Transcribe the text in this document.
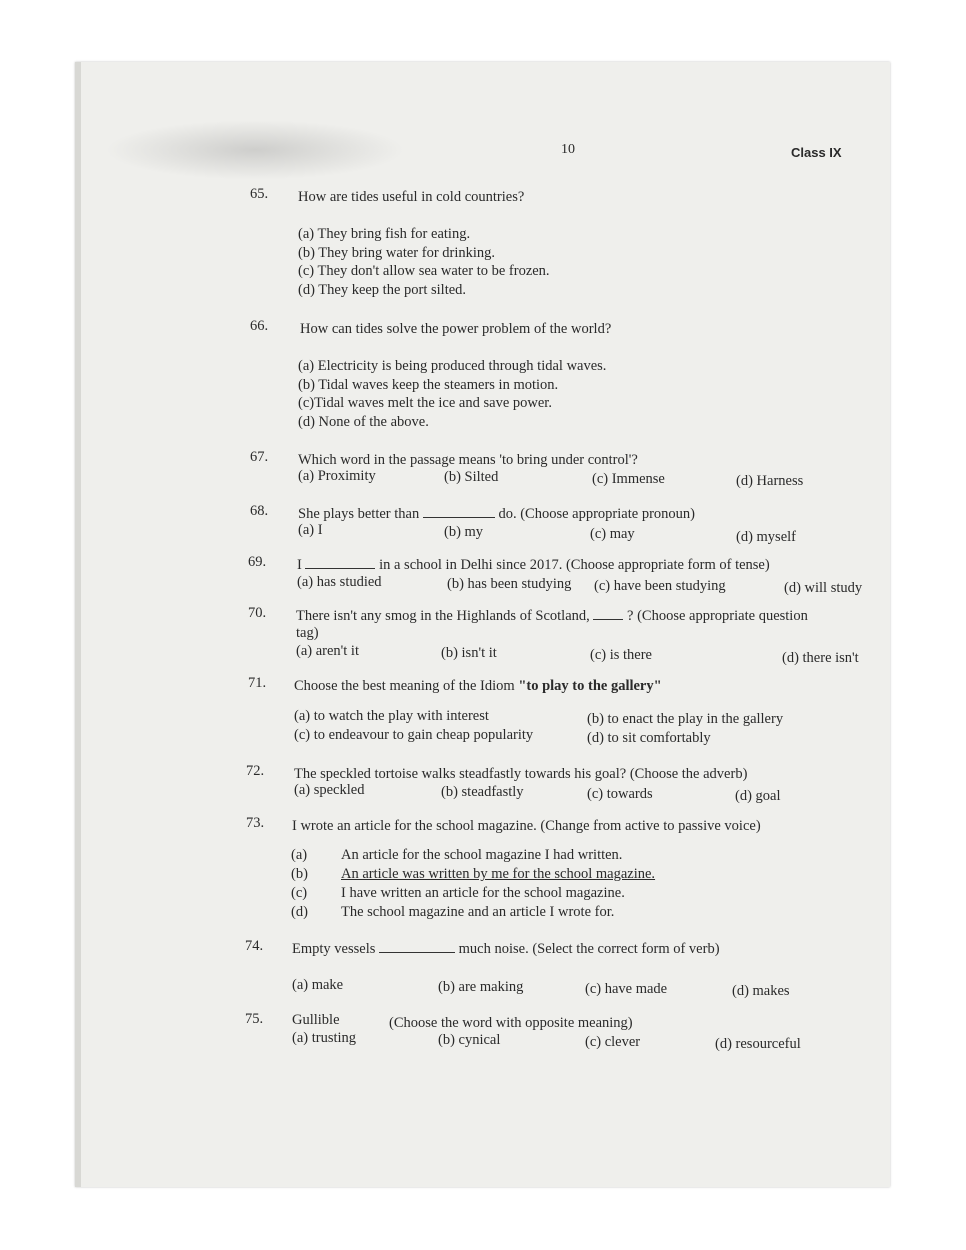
10	Class IX
65. How are tides useful in cold countries?
(a) They bring fish for eating.
(b) They bring water for drinking.
(c) They don't allow sea water to be frozen.
(d) They keep the port silted.
66. How can tides solve the power problem of the world?
(a) Electricity is being produced through tidal waves.
(b) Tidal waves keep the steamers in motion.
(c)Tidal waves melt the ice and save power.
(d) None of the above.
67. Which word in the passage means 'to bring under control'?
(a) Proximity	(b) Silted	(c) Immense	(d) Harness
68. She plays better than	do. (Choose appropriate pronoun)
(a) I	(b) my	(c) may	(d) myself
69. I	in a school in Delhi since 2017. (Choose appropriate form of tense)
(a) has studied	(b) has been studying (c) have been studying	(d) will study
70. There isn't any smog in the Highlands of Scotland,	? (Choose appropriate question
tag)
(a) aren't it	(b) isn't it	(c) is there	(d) there isn't
71. Choose the best meaning of the Idiom "to play to the gallery"
(a) to watch the play with interest	(b) to enact the play in the gallery
(c) to endeavour to gain cheap popularity	(d) to sit comfortably
72. The speckled tortoise walks steadfastly towards his goal? (Choose the adverb)
(a) speckled	(b) steadfastly	(c) towards	(d) goal
73. I wrote an article for the school magazine. (Change from active to passive voice)
(a) An article for the school magazine I had written.
(b) An article was written by me for the school magazine.
(c) I have written an article for the school magazine.
(d) The school magazine and an article I wrote for.
74. Empty vessels	much noise. (Select the correct form of verb)
(a) make	(b) are making	(c) have made	(d) makes
75. Gullible	(Choose the word with opposite meaning)
(a) trusting	(b) cynical	(c) clever	(d) resourceful
